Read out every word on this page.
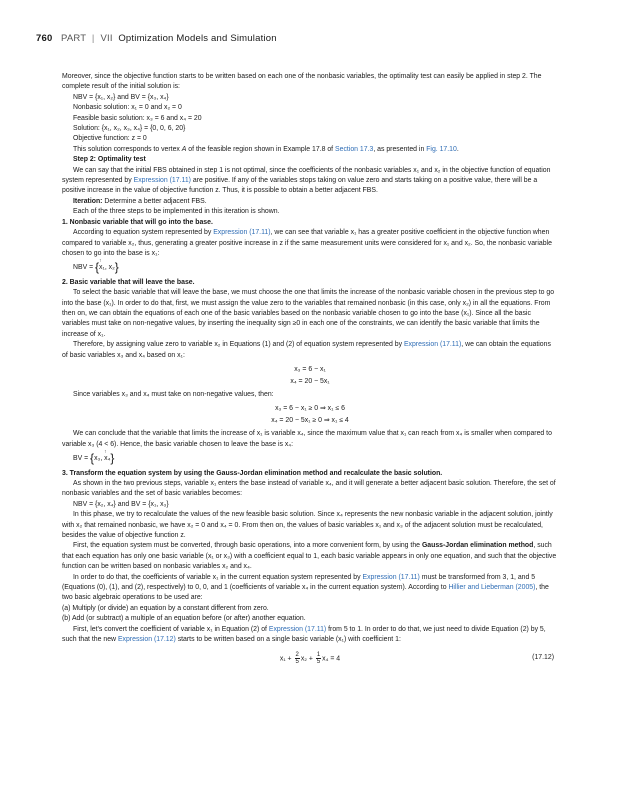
760 PART | VII Optimization Models and Simulation

Moreover, since the objective function starts to be written based on each one of the nonbasic variables, the optimality test can easily be applied in step 2. The complete result of the initial solution is:

NBV = {x₁, x₂} and BV = {x₃, x₄}

Nonbasic solution: x₁ = 0 and x₂ = 0

Feasible basic solution: x₃ = 6 and x₄ = 20

Solution: {x₁, x₂, x₃, x₄} = {0, 0, 6, 20}

Objective function: z = 0

This solution corresponds to vertex A of the feasible region shown in Example 17.8 of Section 17.3, as presented in Fig. 17.10.

Step 2: Optimality test

We can say that the initial FBS obtained in step 1 is not optimal, since the coefficients of the nonbasic variables x₁ and x₂ in the objective function of equation system represented by Expression (17.11) are positive. If any of the variables stops taking on value zero and starts taking on a positive value, there will be a positive increase in the value of objective function z. Thus, it is possible to obtain a better adjacent FBS.

Iteration: Determine a better adjacent FBS.

Each of the three steps to be implemented in this iteration is shown.

1. Nonbasic variable that will go into the base.

According to equation system represented by Expression (17.11), we can see that variable x₁ has a greater positive coefficient in the objective function when compared to variable x₂, thus, generating a greater positive increase in z if the same measurement units were considered for x₁ and x₂. So, the nonbasic variable chosen to go into the base is x₁:

NBV = {↑ x₁, x₂}

2. Basic variable that will leave the base.

To select the basic variable that will leave the base, we must choose the one that limits the increase of the nonbasic variable chosen in the previous step to go into the base (x₁). In order to do that, first, we must assign the value zero to the variables that remained nonbasic (in this case, only x₂) in all the equations. From then on, we can obtain the equations of each one of the basic variables based on the nonbasic variable chosen to go into the base (x₁). Since all the basic variables must take on non-negative values, by inserting the inequality sign ≥0 in each one of the constraints, we can identify the basic variable that limits the increase of x₁.

Therefore, by assigning value zero to variable x₂ in Equations (1) and (2) of equation system represented by Expression (17.11), we can obtain the equations of basic variables x₃ and x₄ based on x₁:

x₃ = 6 − x₁
x₄ = 20 − 5x₁

Since variables x₃ and x₄ must take on non-negative values, then:

x₃ = 6 − x₁ ≥ 0 ⇒ x₁ ≤ 6
x₄ = 20 − 5x₁ ≥ 0 ⇒ x₁ ≤ 4

We can conclude that the variable that limits the increase of x₁ is variable x₄, since the maximum value that x₁ can reach from x₄ is smaller when compared to variable x₃ (4 < 6). Hence, the basic variable chosen to leave the base is x₄:

BV = {x₃, ↑ x₄}

3. Transform the equation system by using the Gauss-Jordan elimination method and recalculate the basic solution.

As shown in the two previous steps, variable x₁ enters the base instead of variable x₄, and it will generate a better adjacent basic solution. Therefore, the set of nonbasic variables and the set of basic variables becomes:

NBV = {x₂, x₄} and BV = {x₁, x₃}

In this phase, we try to recalculate the values of the new feasible basic solution. Since x₄ represents the new nonbasic variable in the adjacent solution, jointly with x₂ that remained nonbasic, we have x₂ = 0 and x₄ = 0. From then on, the values of basic variables x₁ and x₃ of the adjacent solution must be recalculated, besides the value of objective function z.

First, the equation system must be converted, through basic operations, into a more convenient form, by using the Gauss-Jordan elimination method, such that each equation has only one basic variable (x₁ or x₃) with a coefficient equal to 1, each basic variable appears in only one equation, and such that the objective function can be written based on nonbasic variables x₂ and x₄.

In order to do that, the coefficients of variable x₁ in the current equation system represented by Expression (17.11) must be transformed from 3, 1, and 5 (Equations (0), (1), and (2), respectively) to 0, 0, and 1 (coefficients of variable x₄ in the current equation system). According to Hillier and Lieberman (2005), the two basic algebraic operations to be used are:

(a) Multiply (or divide) an equation by a constant different from zero.

(b) Add (or subtract) a multiple of an equation before (or after) another equation.

First, let’s convert the coefficient of variable x₁ in Equation (2) of Expression (17.11) from 5 to 1. In order to do that, we just need to divide Equation (2) by 5, such that the new Expression (17.12) starts to be written based on a single basic variable (x₁) with coefficient 1:

$x_1 + \frac{2}{5} x_2 + \frac{1}{5} x_4 = 4$	(17.12)
